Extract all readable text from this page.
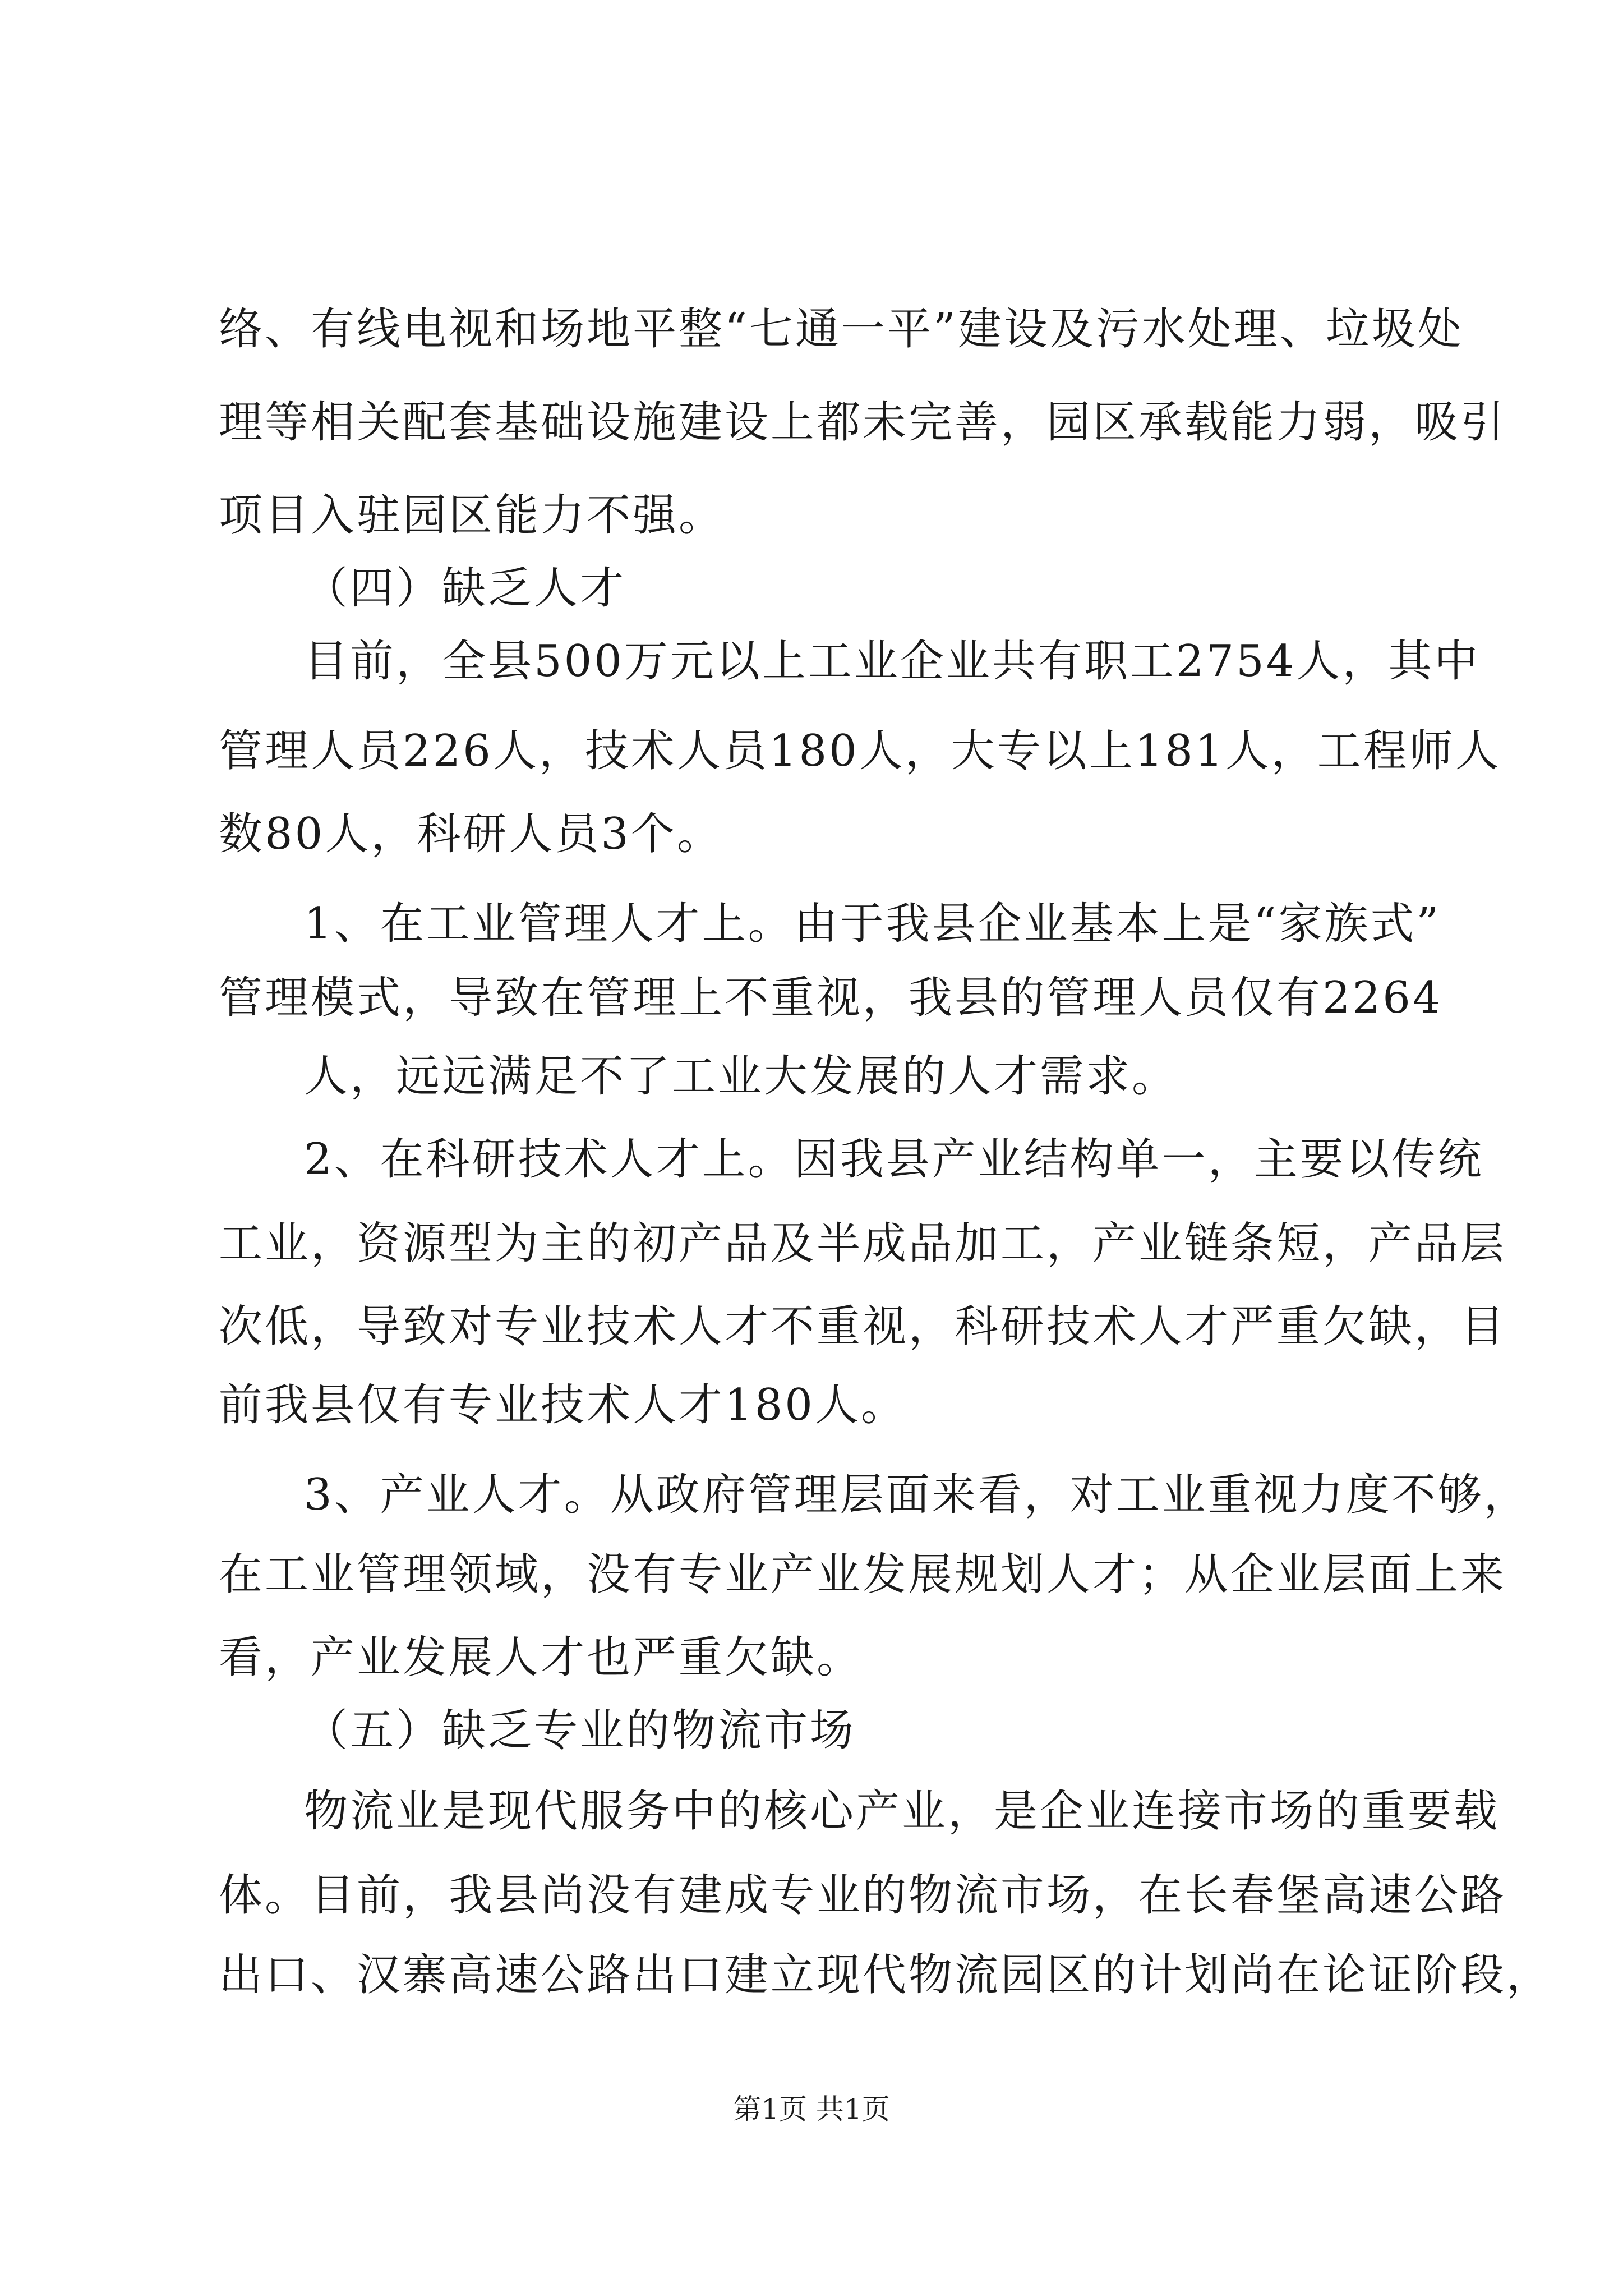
络、有线电视和场地平整“七通一平”建设及污水处理、垃圾处
理等相关配套基础设施建设上都未完善，园区承载能力弱，吸引
项目入驻园区能力不强。
（四）缺乏人才
目前，全县500万元以上工业企业共有职工2754人，其中
管理人员226人，技术人员180人，大专以上181人，工程师人
数80人，科研人员3个。
1、在工业管理人才上。由于我县企业基本上是“家族式”
管理模式，导致在管理上不重视，我县的管理人员仅有2264
人，远远满足不了工业大发展的人才需求。
2、在科研技术人才上。因我县产业结构单一，主要以传统
工业，资源型为主的初产品及半成品加工，产业链条短，产品层
次低，导致对专业技术人才不重视，科研技术人才严重欠缺，目
前我县仅有专业技术人才180人。
3、产业人才。从政府管理层面来看，对工业重视力度不够，
在工业管理领域，没有专业产业发展规划人才；从企业层面上来
看，产业发展人才也严重欠缺。
（五）缺乏专业的物流市场
物流业是现代服务中的核心产业，是企业连接市场的重要载
体。目前，我县尚没有建成专业的物流市场，在长春堡高速公路
出口、汉寨高速公路出口建立现代物流园区的计划尚在论证阶段，
第1页 共1页
